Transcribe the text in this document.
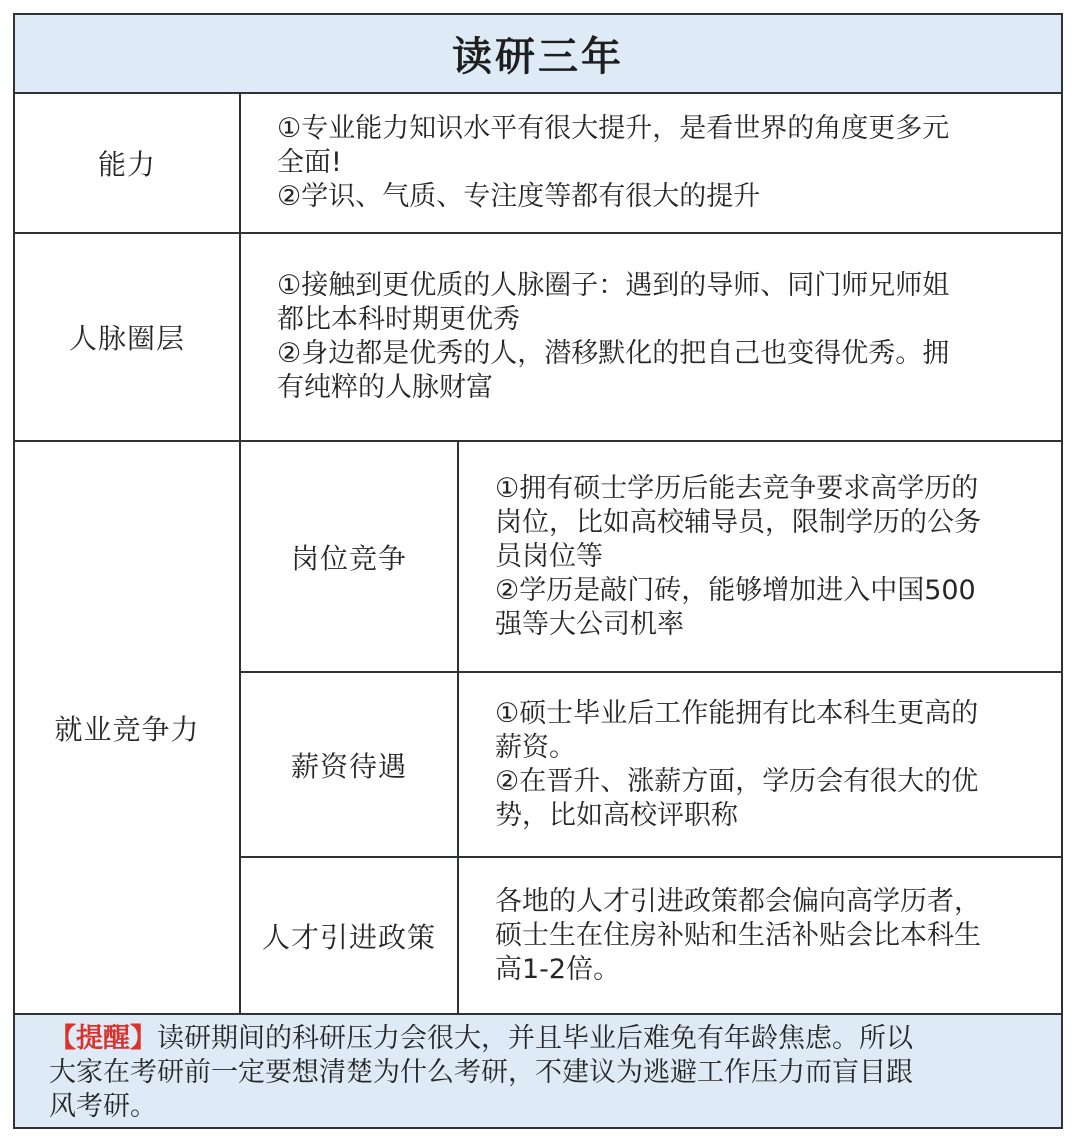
读研三年
能力
①专业能力知识水平有很大提升，是看世界的角度更多元
全面!
②学识、气质、专注度等都有很大的提升
人脉圈层
①接触到更优质的人脉圈子：遇到的导师、同门师兄师姐
都比本科时期更优秀
②身边都是优秀的人，潜移默化的把自己也变得优秀。拥
有纯粹的人脉财富
就业竞争力
岗位竞争
①拥有硕士学历后能去竞争要求高学历的
岗位，比如高校辅导员，限制学历的公务
员岗位等
②学历是敲门砖，能够增加进入中国500
强等大公司机率
薪资待遇
①硕士毕业后工作能拥有比本科生更高的
薪资。
②在晋升、涨薪方面，学历会有很大的优
势，比如高校评职称
人才引进政策
各地的人才引进政策都会偏向高学历者，
硕士生在住房补贴和生活补贴会比本科生
高1-2倍。
【提醒】读研期间的科研压力会很大，并且毕业后难免有年龄焦虑。所以
大家在考研前一定要想清楚为什么考研，不建议为逃避工作压力而盲目跟
风考研。
